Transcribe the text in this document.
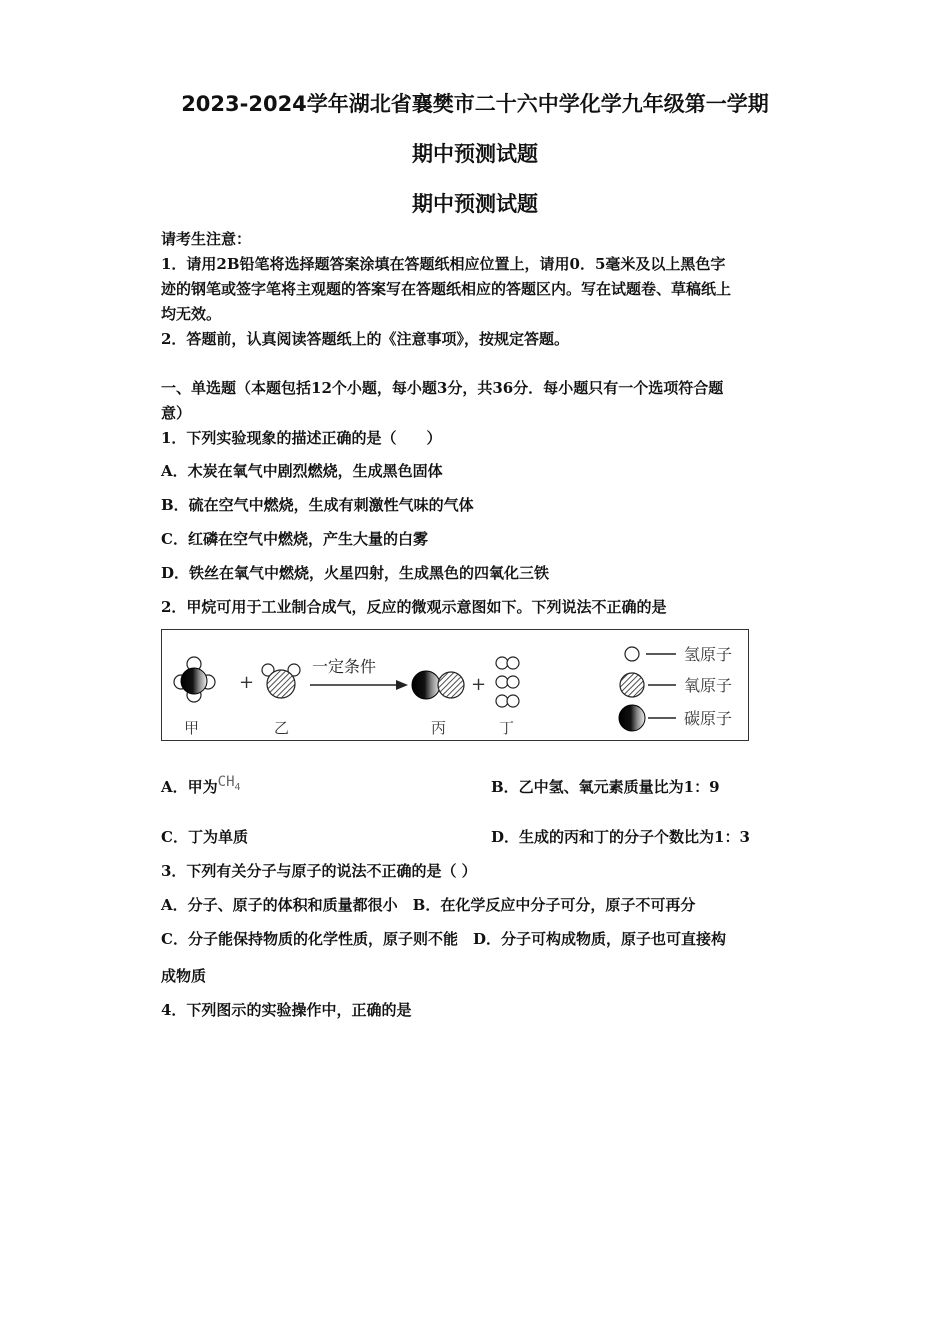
2023-2024学年湖北省襄樊市二十六中学化学九年级第一学期
期中预测试题
期中预测试题
请考生注意：
1．请用2B铅笔将选择题答案涂填在答题纸相应位置上，请用0．5毫米及以上黑色字
迹的钢笔或签字笔将主观题的答案写在答题纸相应的答题区内。写在试题卷、草稿纸上
均无效。
2．答题前，认真阅读答题纸上的《注意事项》，按规定答题。
一、单选题（本题包括12个小题，每小题3分，共36分．每小题只有一个选项符合题
意）
1．下列实验现象的描述正确的是（　　）
A．木炭在氧气中剧烈燃烧，生成黑色固体
B．硫在空气中燃烧，生成有刺激性气味的气体
C．红磷在空气中燃烧，产生大量的白雾
D．铁丝在氧气中燃烧，火星四射，生成黑色的四氧化三铁
2．甲烷可用于工业制合成气，反应的微观示意图如下。下列说法不正确的是
+
一定条件
+
甲	乙	丙	丁
氢原子
氧原子
碳原子
A．甲为$CH_4$	B．乙中氢、氧元素质量比为1：9
C．丁为单质	D．生成的丙和丁的分子个数比为1：3
3．下列有关分子与原子的说法不正确的是（ ）
A．分子、原子的体积和质量都很小　B．在化学反应中分子可分，原子不可再分
C．分子能保持物质的化学性质，原子则不能　D．分子可构成物质，原子也可直接构
成物质
4．下列图示的实验操作中，正确的是
